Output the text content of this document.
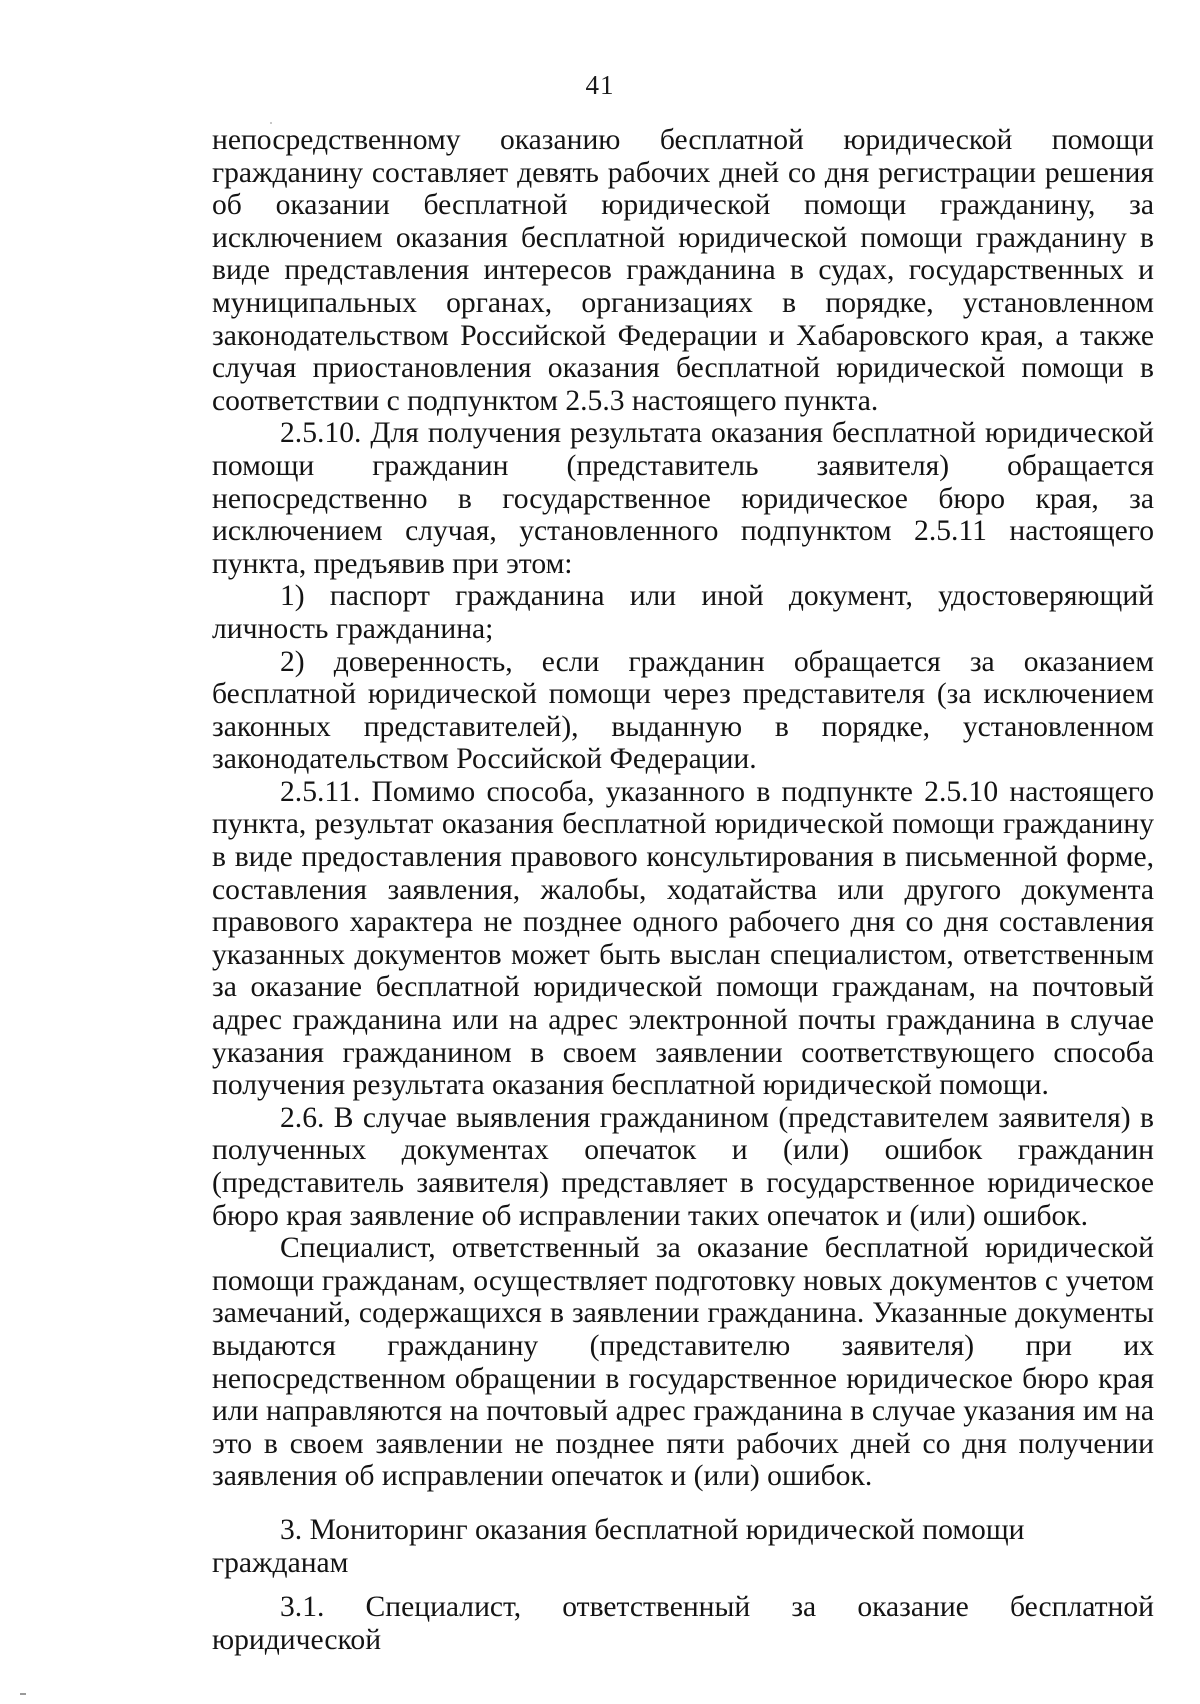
41

непосредственному оказанию бесплатной юридической помощи гражданину составляет девять рабочих дней со дня регистрации решения об оказании бесплатной юридической помощи гражданину, за исключением оказания бесплатной юридической помощи гражданину в виде представления интересов гражданина в судах, государственных и муниципальных органах, организациях в порядке, установленном законодательством Российской Федерации и Хабаровского края, а также случая приостановления оказания бесплатной юридической помощи в соответствии с подпунктом 2.5.3 настоящего пункта.

2.5.10. Для получения результата оказания бесплатной юридической помощи гражданин (представитель заявителя) обращается непосредственно в государственное юридическое бюро края, за исключением случая, установленного подпунктом 2.5.11 настоящего пункта, предъявив при этом:

1) паспорт гражданина или иной документ, удостоверяющий личность гражданина;

2) доверенность, если гражданин обращается за оказанием бесплатной юридической помощи через представителя (за исключением законных представителей), выданную в порядке, установленном законодательством Российской Федерации.

2.5.11. Помимо способа, указанного в подпункте 2.5.10 настоящего пункта, результат оказания бесплатной юридической помощи гражданину в виде предоставления правового консультирования в письменной форме, составления заявления, жалобы, ходатайства или другого документа правового характера не позднее одного рабочего дня со дня составления указанных документов может быть выслан специалистом, ответственным за оказание бесплатной юридической помощи гражданам, на почтовый адрес гражданина или на адрес электронной почты гражданина в случае указания гражданином в своем заявлении соответствующего способа получения результата оказания бесплатной юридической помощи.

2.6. В случае выявления гражданином (представителем заявителя) в полученных документах опечаток и (или) ошибок гражданин (представитель заявителя) представляет в государственное юридическое бюро края заявление об исправлении таких опечаток и (или) ошибок.

Специалист, ответственный за оказание бесплатной юридической помощи гражданам, осуществляет подготовку новых документов с учетом замечаний, содержащихся в заявлении гражданина. Указанные документы выдаются гражданину (представителю заявителя) при их непосредственном обращении в государственное юридическое бюро края или направляются на почтовый адрес гражданина в случае указания им на это в своем заявлении не позднее пяти рабочих дней со дня получении заявления об исправлении опечаток и (или) ошибок.

3. Мониторинг оказания бесплатной юридической помощи гражданам

3.1. Специалист, ответственный за оказание бесплатной юридической
